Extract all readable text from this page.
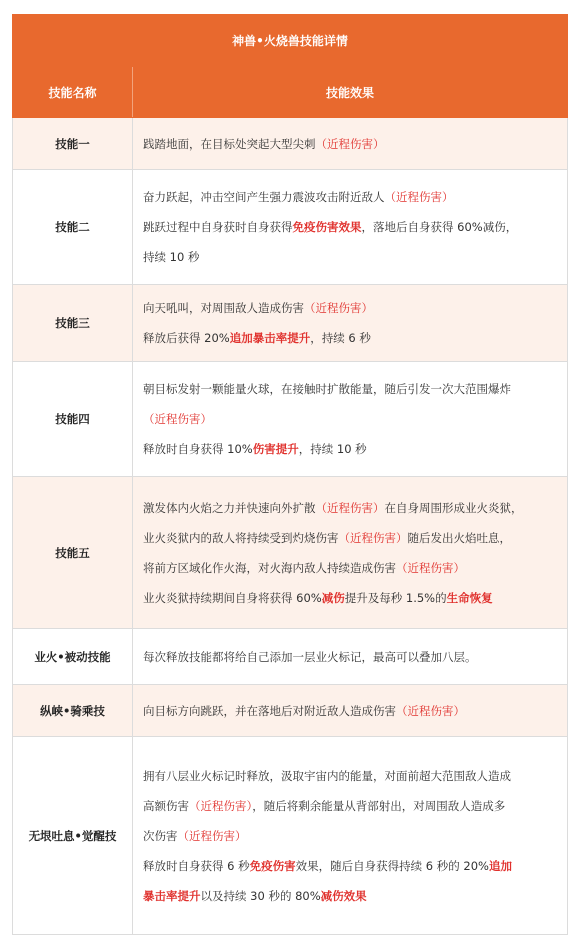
神兽•火烧兽技能详情	
技能名称	技能效果
技能一	践踏地面，在目标处突起大型尖刺（近程伤害）

技能二	奋力跃起，冲击空间产生强力震波攻击附近敌人（近程伤害）

跳跃过程中自身获时自身获得免疫伤害效果，落地后自身获得 60%减伤，

持续 10 秒

技能三	向天吼叫，对周围敌人造成伤害（近程伤害）

释放后获得 20%追加暴击率提升，持续 6 秒

技能四	朝目标发射一颗能量火球，在接触时扩散能量，随后引发一次大范围爆炸

（近程伤害）

释放时自身获得 10%伤害提升，持续 10 秒

技能五	激发体内火焰之力并快速向外扩散（近程伤害）在自身周围形成业火炎狱，

业火炎狱内的敌人将持续受到灼烧伤害（近程伤害）随后发出火焰吐息，

将前方区域化作火海，对火海内敌人持续造成伤害（近程伤害）

业火炎狱持续期间自身将获得 60%减伤提升及每秒 1.5%的生命恢复

业火•被动技能	每次释放技能都将给自己添加一层业火标记，最高可以叠加八层。

纵峡•骑乘技	向目标方向跳跃，并在落地后对附近敌人造成伤害（近程伤害）

无垠吐息•觉醒技	拥有八层业火标记时释放，汲取宇宙内的能量，对面前超大范围敌人造成

高额伤害（近程伤害），随后将剩余能量从背部射出，对周围敌人造成多

次伤害（近程伤害）

释放时自身获得 6 秒免疫伤害效果，随后自身获得持续 6 秒的 20%追加

暴击率提升以及持续 30 秒的 80%减伤效果
